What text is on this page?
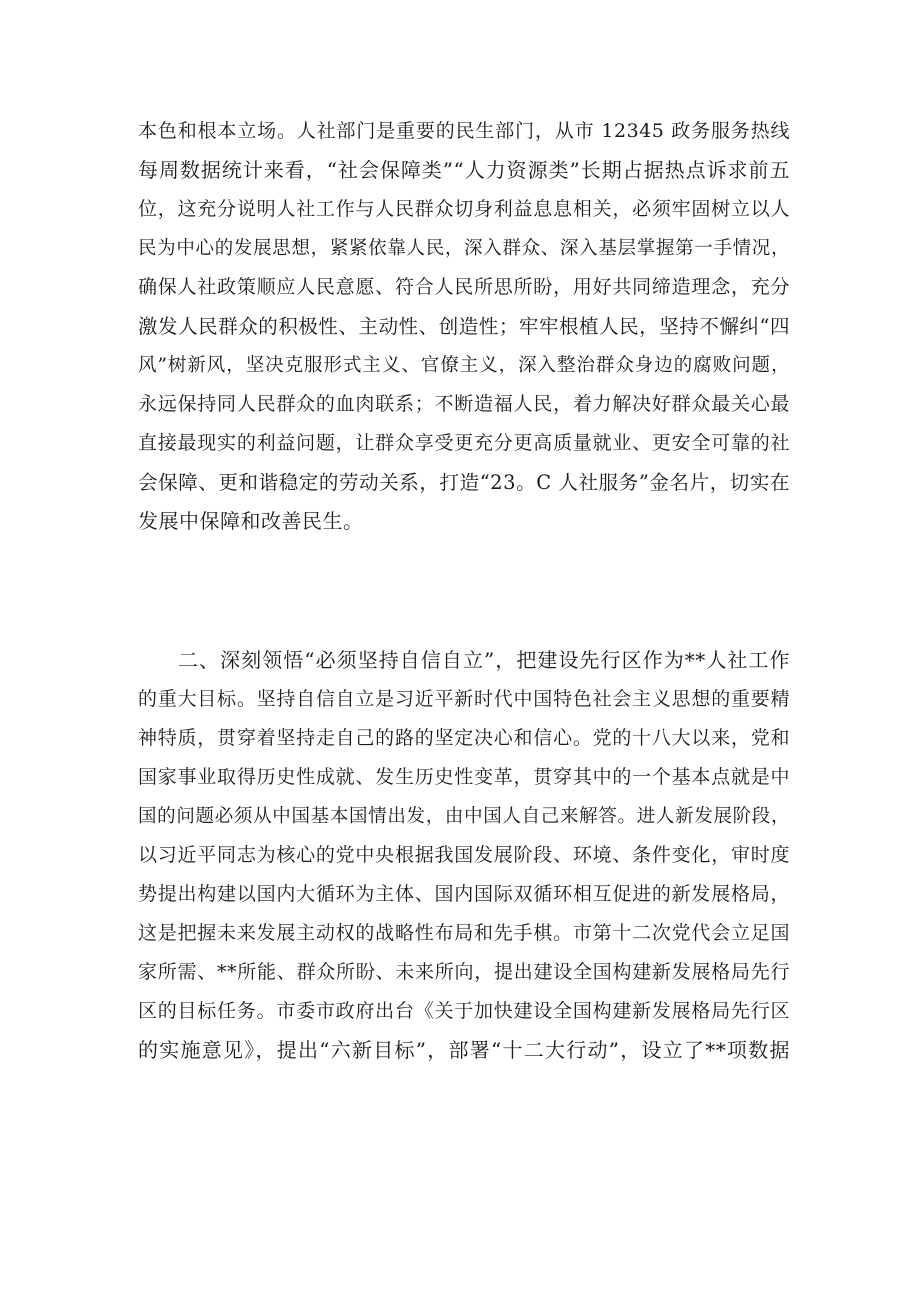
本色和根本立场。人社部门是重要的民生部门，从市 12345 政务服务热线
每周数据统计来看，“社会保障类”“人力资源类”长期占据热点诉求前五
位，这充分说明人社工作与人民群众切身利益息息相关，必须牢固树立以人
民为中心的发展思想，紧紧依靠人民，深入群众、深入基层掌握第一手情况，
确保人社政策顺应人民意愿、符合人民所思所盼，用好共同缔造理念，充分
激发人民群众的积极性、主动性、创造性；牢牢根植人民，坚持不懈纠“四
风”树新风，坚决克服形式主义、官僚主义，深入整治群众身边的腐败问题，
永远保持同人民群众的血肉联系；不断造福人民，着力解决好群众最关心最
直接最现实的利益问题，让群众享受更充分更高质量就业、更安全可靠的社
会保障、更和谐稳定的劳动关系，打造“23。C 人社服务”金名片，切实在
发展中保障和改善民生。
二、深刻领悟“必须坚持自信自立”，把建设先行区作为**人社工作
的重大目标。坚持自信自立是习近平新时代中国特色社会主义思想的重要精
神特质，贯穿着坚持走自己的路的坚定决心和信心。党的十八大以来，党和
国家事业取得历史性成就、发生历史性变革，贯穿其中的一个基本点就是中
国的问题必须从中国基本国情出发，由中国人自己来解答。进人新发展阶段，
以习近平同志为核心的党中央根据我国发展阶段、环境、条件变化，审时度
势提出构建以国内大循环为主体、国内国际双循环相互促进的新发展格局，
这是把握未来发展主动权的战略性布局和先手棋。市第十二次党代会立足国
家所需、**所能、群众所盼、未来所向，提出建设全国构建新发展格局先行
区的目标任务。市委市政府出台《关于加快建设全国构建新发展格局先行区
的实施意见》，提出“六新目标”，部署“十二大行动”，设立了**项数据
